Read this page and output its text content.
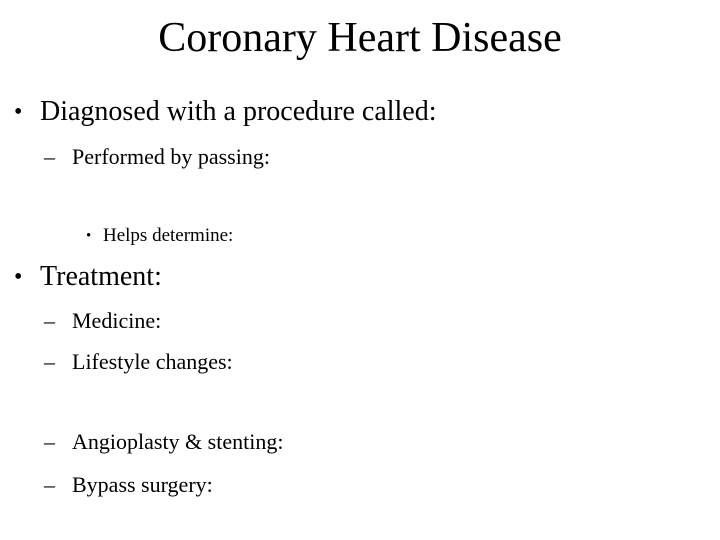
Coronary Heart Disease
• Diagnosed with a procedure called:
– Performed by passing:
• Helps determine:
• Treatment:
– Medicine:
– Lifestyle changes:
– Angioplasty & stenting:
– Bypass surgery:
